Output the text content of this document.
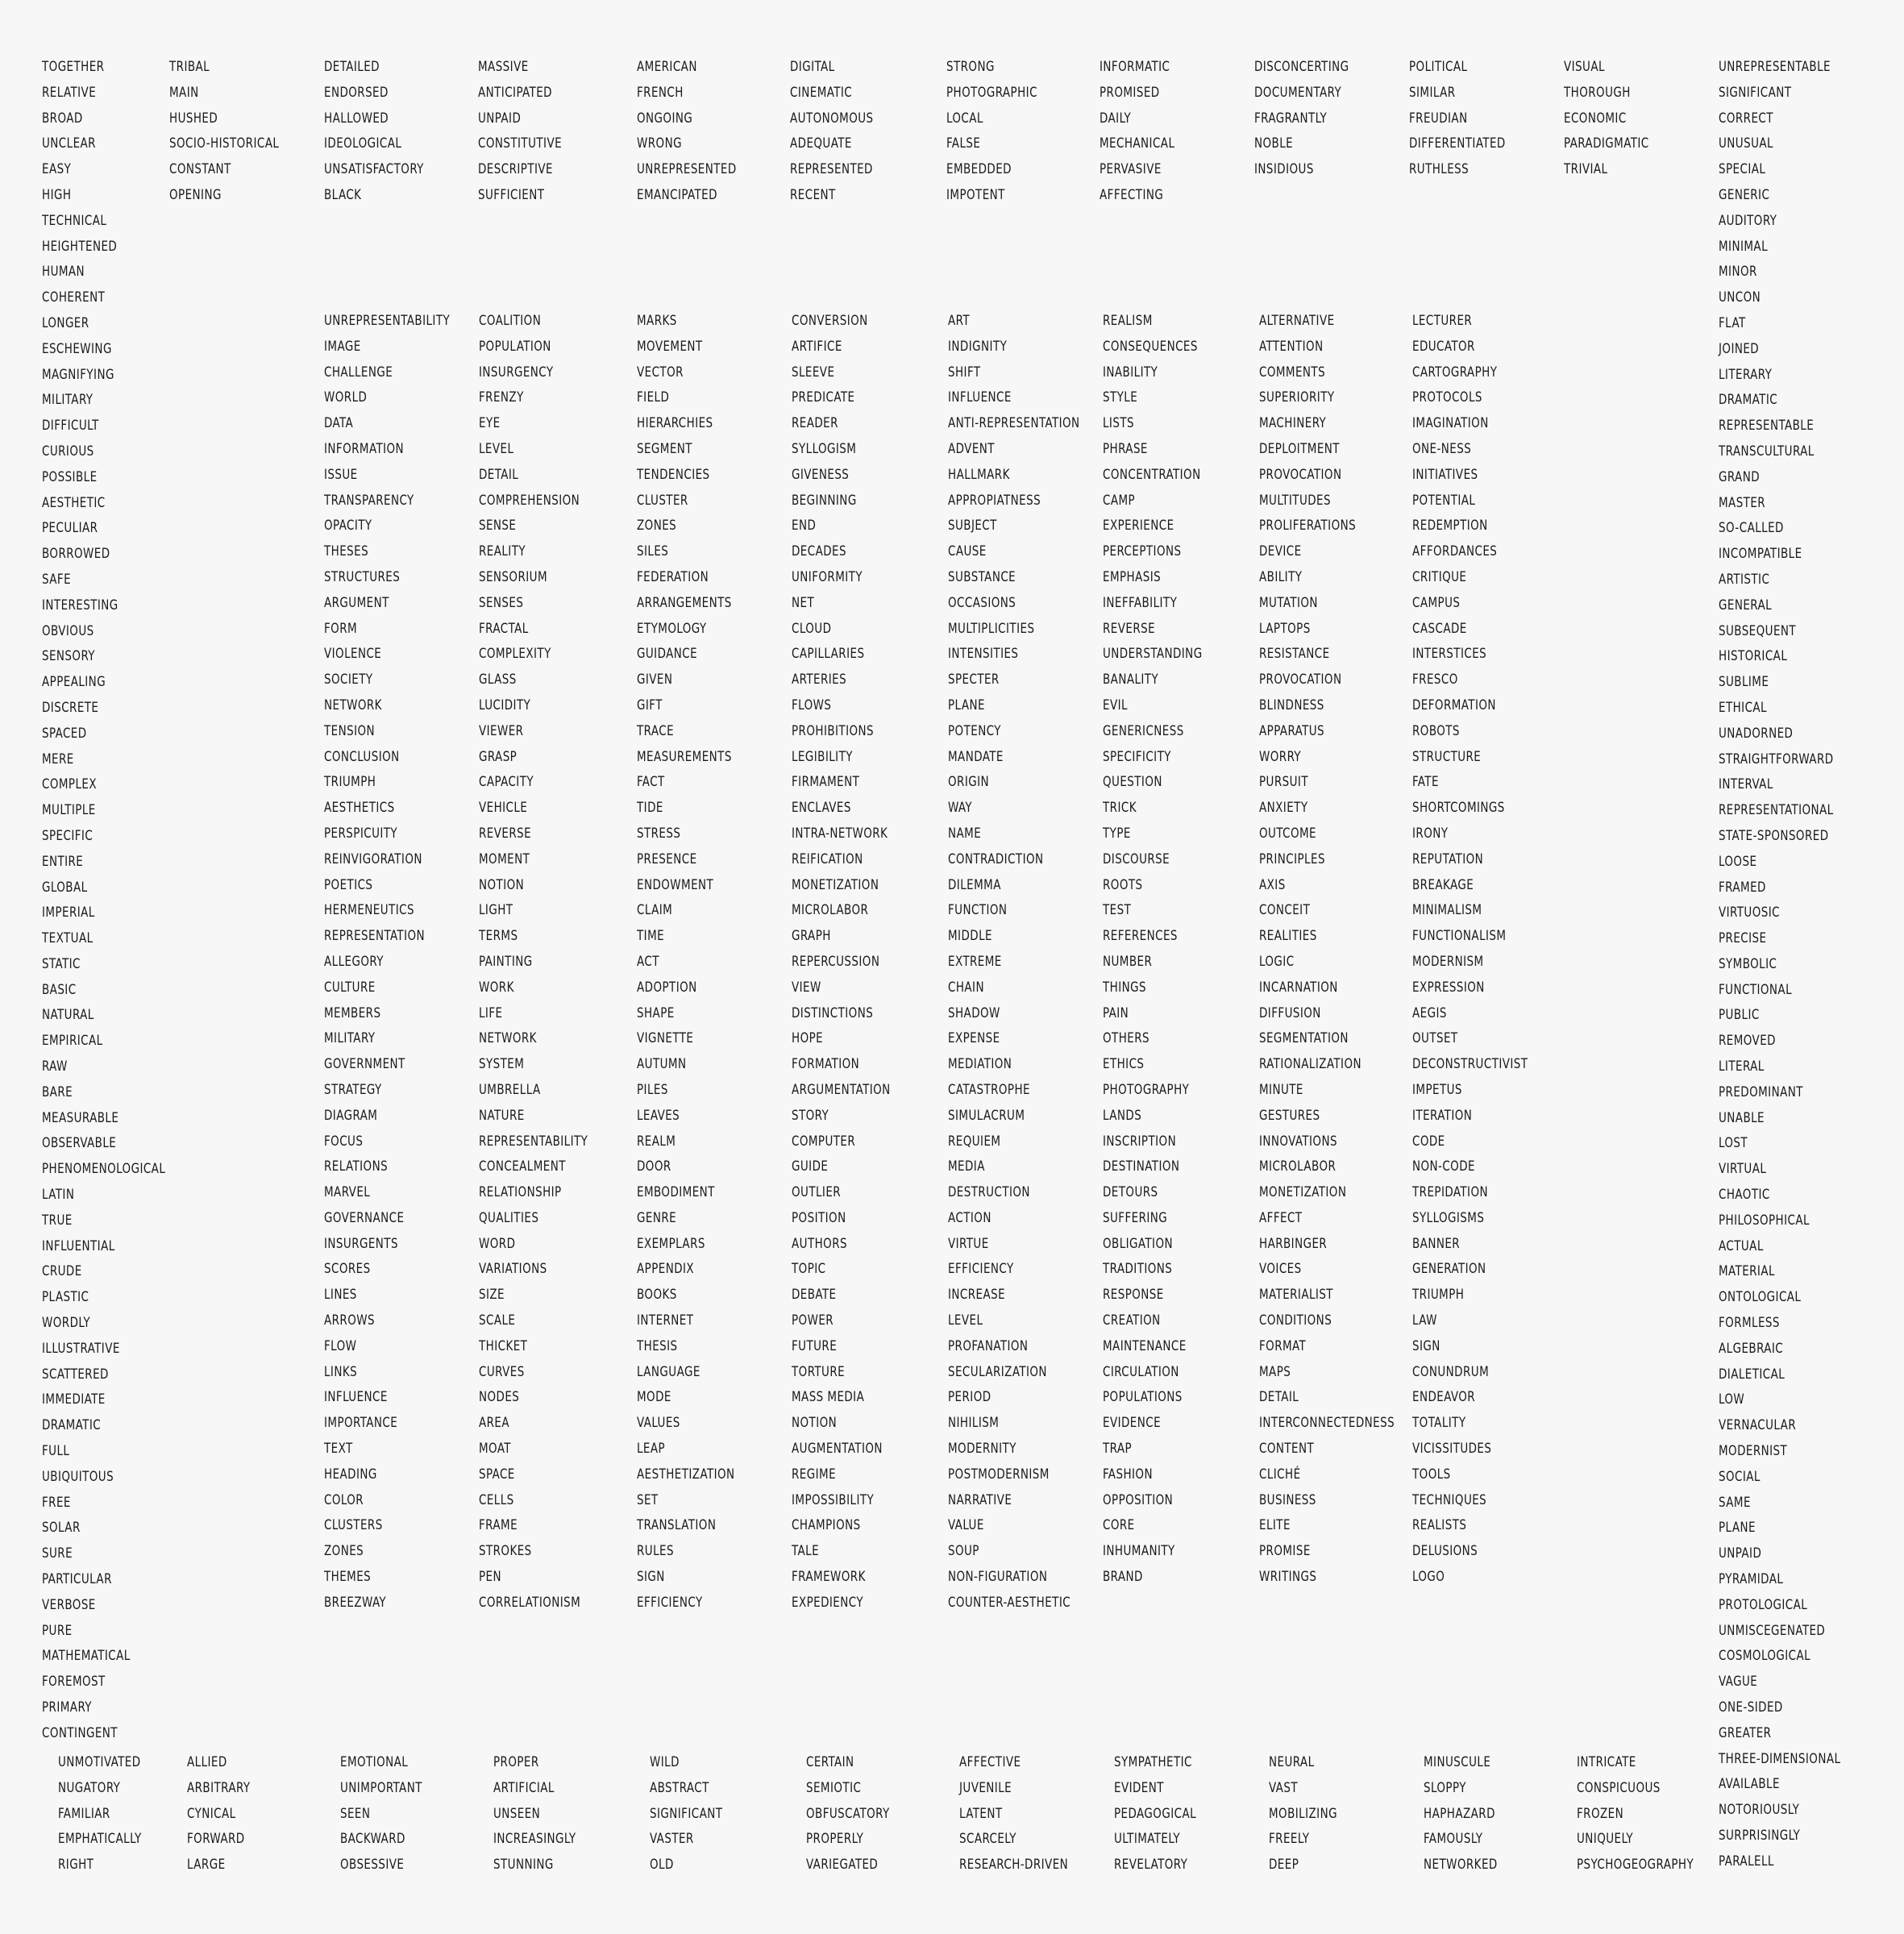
TOGETHER
RELATIVE
BROAD
UNCLEAR
EASY
HIGH
TECHNICAL
HEIGHTENED
HUMAN
COHERENT
LONGER
ESCHEWING
MAGNIFYING
MILITARY
DIFFICULT
CURIOUS
POSSIBLE
AESTHETIC
PECULIAR
BORROWED
SAFE
INTERESTING
OBVIOUS
SENSORY
APPEALING
DISCRETE
SPACED
MERE
COMPLEX
MULTIPLE
SPECIFIC
ENTIRE
GLOBAL
IMPERIAL
TEXTUAL
STATIC
BASIC
NATURAL
EMPIRICAL
RAW
BARE
MEASURABLE
OBSERVABLE
PHENOMENOLOGICAL
LATIN
TRUE
INFLUENTIAL
CRUDE
PLASTIC
WORDLY
ILLUSTRATIVE
SCATTERED
IMMEDIATE
DRAMATIC
FULL
UBIQUITOUS
FREE
SOLAR
SURE
PARTICULAR
VERBOSE
PURE
MATHEMATICAL
FOREMOST
PRIMARY
CONTINGENT
TRIBAL
MAIN
HUSHED
SOCIO-HISTORICAL
CONSTANT
OPENING
DETAILED
ENDORSED
HALLOWED
IDEOLOGICAL
UNSATISFACTORY
BLACK
MASSIVE
ANTICIPATED
UNPAID
CONSTITUTIVE
DESCRIPTIVE
SUFFICIENT
AMERICAN
FRENCH
ONGOING
WRONG
UNREPRESENTED
EMANCIPATED
DIGITAL
CINEMATIC
AUTONOMOUS
ADEQUATE
REPRESENTED
RECENT
STRONG
PHOTOGRAPHIC
LOCAL
FALSE
EMBEDDED
IMPOTENT
INFORMATIC
PROMISED
DAILY
MECHANICAL
PERVASIVE
AFFECTING
DISCONCERTING
DOCUMENTARY
FRAGRANTLY
NOBLE
INSIDIOUS
POLITICAL
SIMILAR
FREUDIAN
DIFFERENTIATED
RUTHLESS
VISUAL
THOROUGH
ECONOMIC
PARADIGMATIC
TRIVIAL
UNREPRESENTABLE
SIGNIFICANT
CORRECT
UNUSUAL
SPECIAL
GENERIC
AUDITORY
MINIMAL
MINOR
UNCON
FLAT
JOINED
LITERARY
DRAMATIC
REPRESENTABLE
TRANSCULTURAL
GRAND
MASTER
SO-CALLED
INCOMPATIBLE
ARTISTIC
GENERAL
SUBSEQUENT
HISTORICAL
SUBLIME
ETHICAL
UNADORNED
STRAIGHTFORWARD
INTERVAL
REPRESENTATIONAL
STATE-SPONSORED
LOOSE
FRAMED
VIRTUOSIC
PRECISE
SYMBOLIC
FUNCTIONAL
PUBLIC
REMOVED
LITERAL
PREDOMINANT
UNABLE
LOST
VIRTUAL
CHAOTIC
PHILOSOPHICAL
ACTUAL
MATERIAL
ONTOLOGICAL
FORMLESS
ALGEBRAIC
DIALETICAL
LOW
VERNACULAR
MODERNIST
SOCIAL
SAME
PLANE
UNPAID
PYRAMIDAL
PROTOLOGICAL
UNMISCEGENATED
COSMOLOGICAL
VAGUE
ONE-SIDED
GREATER
THREE-DIMENSIONAL
AVAILABLE
NOTORIOUSLY
SURPRISINGLY
PARALELL
UNREPRESENTABILITY
IMAGE
CHALLENGE
WORLD
DATA
INFORMATION
ISSUE
TRANSPARENCY
OPACITY
THESES
STRUCTURES
ARGUMENT
FORM
VIOLENCE
SOCIETY
NETWORK
TENSION
CONCLUSION
TRIUMPH
AESTHETICS
PERSPICUITY
REINVIGORATION
POETICS
HERMENEUTICS
REPRESENTATION
ALLEGORY
CULTURE
MEMBERS
MILITARY
GOVERNMENT
STRATEGY
DIAGRAM
FOCUS
RELATIONS
MARVEL
GOVERNANCE
INSURGENTS
SCORES
LINES
ARROWS
FLOW
LINKS
INFLUENCE
IMPORTANCE
TEXT
HEADING
COLOR
CLUSTERS
ZONES
THEMES
BREEZWAY
COALITION
POPULATION
INSURGENCY
FRENZY
EYE
LEVEL
DETAIL
COMPREHENSION
SENSE
REALITY
SENSORIUM
SENSES
FRACTAL
COMPLEXITY
GLASS
LUCIDITY
VIEWER
GRASP
CAPACITY
VEHICLE
REVERSE
MOMENT
NOTION
LIGHT
TERMS
PAINTING
WORK
LIFE
NETWORK
SYSTEM
UMBRELLA
NATURE
REPRESENTABILITY
CONCEALMENT
RELATIONSHIP
QUALITIES
WORD
VARIATIONS
SIZE
SCALE
THICKET
CURVES
NODES
AREA
MOAT
SPACE
CELLS
FRAME
STROKES
PEN
CORRELATIONISM
MARKS
MOVEMENT
VECTOR
FIELD
HIERARCHIES
SEGMENT
TENDENCIES
CLUSTER
ZONES
SILES
FEDERATION
ARRANGEMENTS
ETYMOLOGY
GUIDANCE
GIVEN
GIFT
TRACE
MEASUREMENTS
FACT
TIDE
STRESS
PRESENCE
ENDOWMENT
CLAIM
TIME
ACT
ADOPTION
SHAPE
VIGNETTE
AUTUMN
PILES
LEAVES
REALM
DOOR
EMBODIMENT
GENRE
EXEMPLARS
APPENDIX
BOOKS
INTERNET
THESIS
LANGUAGE
MODE
VALUES
LEAP
AESTHETIZATION
SET
TRANSLATION
RULES
SIGN
EFFICIENCY
CONVERSION
ARTIFICE
SLEEVE
PREDICATE
READER
SYLLOGISM
GIVENESS
BEGINNING
END
DECADES
UNIFORMITY
NET
CLOUD
CAPILLARIES
ARTERIES
FLOWS
PROHIBITIONS
LEGIBILITY
FIRMAMENT
ENCLAVES
INTRA-NETWORK
REIFICATION
MONETIZATION
MICROLABOR
GRAPH
REPERCUSSION
VIEW
DISTINCTIONS
HOPE
FORMATION
ARGUMENTATION
STORY
COMPUTER
GUIDE
OUTLIER
POSITION
AUTHORS
TOPIC
DEBATE
POWER
FUTURE
TORTURE
MASS MEDIA
NOTION
AUGMENTATION
REGIME
IMPOSSIBILITY
CHAMPIONS
TALE
FRAMEWORK
EXPEDIENCY
ART
INDIGNITY
SHIFT
INFLUENCE
ANTI-REPRESENTATION
ADVENT
HALLMARK
APPROPIATNESS
SUBJECT
CAUSE
SUBSTANCE
OCCASIONS
MULTIPLICITIES
INTENSITIES
SPECTER
PLANE
POTENCY
MANDATE
ORIGIN
WAY
NAME
CONTRADICTION
DILEMMA
FUNCTION
MIDDLE
EXTREME
CHAIN
SHADOW
EXPENSE
MEDIATION
CATASTROPHE
SIMULACRUM
REQUIEM
MEDIA
DESTRUCTION
ACTION
VIRTUE
EFFICIENCY
INCREASE
LEVEL
PROFANATION
SECULARIZATION
PERIOD
NIHILISM
MODERNITY
POSTMODERNISM
NARRATIVE
VALUE
SOUP
NON-FIGURATION
COUNTER-AESTHETIC
REALISM
CONSEQUENCES
INABILITY
STYLE
LISTS
PHRASE
CONCENTRATION
CAMP
EXPERIENCE
PERCEPTIONS
EMPHASIS
INEFFABILITY
REVERSE
UNDERSTANDING
BANALITY
EVIL
GENERICNESS
SPECIFICITY
QUESTION
TRICK
TYPE
DISCOURSE
ROOTS
TEST
REFERENCES
NUMBER
THINGS
PAIN
OTHERS
ETHICS
PHOTOGRAPHY
LANDS
INSCRIPTION
DESTINATION
DETOURS
SUFFERING
OBLIGATION
TRADITIONS
RESPONSE
CREATION
MAINTENANCE
CIRCULATION
POPULATIONS
EVIDENCE
TRAP
FASHION
OPPOSITION
CORE
INHUMANITY
BRAND
ALTERNATIVE
ATTENTION
COMMENTS
SUPERIORITY
MACHINERY
DEPLOITMENT
PROVOCATION
MULTITUDES
PROLIFERATIONS
DEVICE
ABILITY
MUTATION
LAPTOPS
RESISTANCE
PROVOCATION
BLINDNESS
APPARATUS
WORRY
PURSUIT
ANXIETY
OUTCOME
PRINCIPLES
AXIS
CONCEIT
REALITIES
LOGIC
INCARNATION
DIFFUSION
SEGMENTATION
RATIONALIZATION
MINUTE
GESTURES
INNOVATIONS
MICROLABOR
MONETIZATION
AFFECT
HARBINGER
VOICES
MATERIALIST
CONDITIONS
FORMAT
MAPS
DETAIL
INTERCONNECTEDNESS
CONTENT
CLICHÉ
BUSINESS
ELITE
PROMISE
WRITINGS
LECTURER
EDUCATOR
CARTOGRAPHY
PROTOCOLS
IMAGINATION
ONE-NESS
INITIATIVES
POTENTIAL
REDEMPTION
AFFORDANCES
CRITIQUE
CAMPUS
CASCADE
INTERSTICES
FRESCO
DEFORMATION
ROBOTS
STRUCTURE
FATE
SHORTCOMINGS
IRONY
REPUTATION
BREAKAGE
MINIMALISM
FUNCTIONALISM
MODERNISM
EXPRESSION
AEGIS
OUTSET
DECONSTRUCTIVIST
IMPETUS
ITERATION
CODE
NON-CODE
TREPIDATION
SYLLOGISMS
BANNER
GENERATION
TRIUMPH
LAW
SIGN
CONUNDRUM
ENDEAVOR
TOTALITY
VICISSITUDES
TOOLS
TECHNIQUES
REALISTS
DELUSIONS
LOGO
UNMOTIVATED
NUGATORY
FAMILIAR
EMPHATICALLY
RIGHT
ALLIED
ARBITRARY
CYNICAL
FORWARD
LARGE
EMOTIONAL
UNIMPORTANT
SEEN
BACKWARD
OBSESSIVE
PROPER
ARTIFICIAL
UNSEEN
INCREASINGLY
STUNNING
WILD
ABSTRACT
SIGNIFICANT
VASTER
OLD
CERTAIN
SEMIOTIC
OBFUSCATORY
PROPERLY
VARIEGATED
AFFECTIVE
JUVENILE
LATENT
SCARCELY
RESEARCH-DRIVEN
SYMPATHETIC
EVIDENT
PEDAGOGICAL
ULTIMATELY
REVELATORY
NEURAL
VAST
MOBILIZING
FREELY
DEEP
MINUSCULE
SLOPPY
HAPHAZARD
FAMOUSLY
NETWORKED
INTRICATE
CONSPICUOUS
FROZEN
UNIQUELY
PSYCHOGEOGRAPHY
